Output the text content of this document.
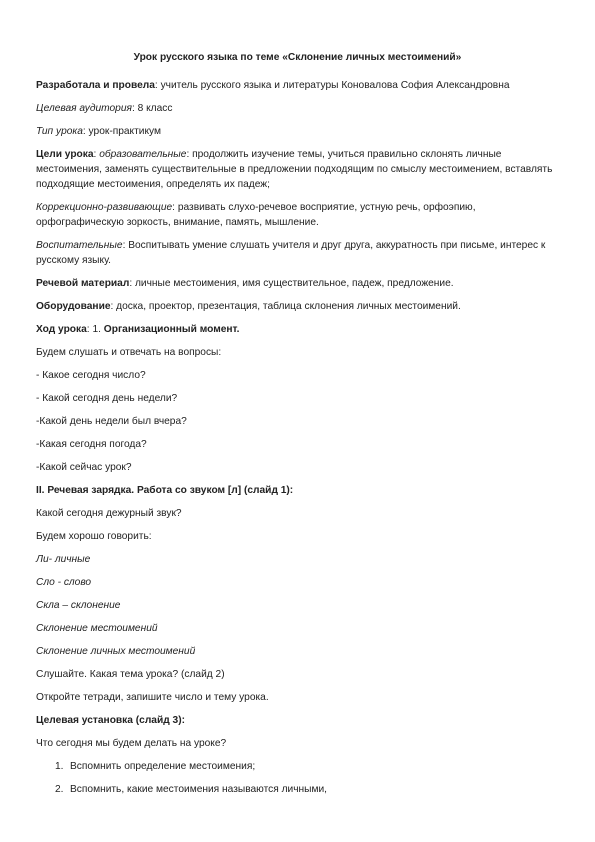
Урок русского языка по теме «Склонение личных местоимений»

Разработала и провела: учитель русского языка и литературы Коновалова София Александровна

Целевая аудитория: 8 класс

Тип урока: урок-практикум

Цели урока: образовательные: продолжить изучение темы, учиться правильно склонять личные местоимения, заменять существительные в предложении подходящим по смыслу местоимением, вставлять подходящие местоимения, определять их падеж;

Коррекционно-развивающие: развивать слухо-речевое восприятие, устную речь, орфоэпию, орфографическую зоркость, внимание, память, мышление.

Воспитательные: Воспитывать умение слушать учителя и друг друга, аккуратность при письме, интерес к русскому языку.

Речевой материал: личные местоимения, имя существительное, падеж, предложение.

Оборудование: доска, проектор, презентация, таблица склонения личных местоимений.

Ход урока: 1. Организационный момент.

Будем слушать и отвечать на вопросы:

- Какое сегодня число?

- Какой сегодня день недели?

-Какой день недели был вчера?

-Какая сегодня погода?

-Какой сейчас урок?

II. Речевая зарядка. Работа со звуком [л] (слайд 1):

Какой сегодня дежурный звук?

Будем хорошо говорить:

Ли- личные

Сло - слово

Скла – склонение

Склонение местоимений

Склонение личных местоимений

Слушайте. Какая тема урока? (слайд 2)

Откройте тетради, запишите число и тему урока.

Целевая установка (слайд 3):

Что сегодня мы будем делать на уроке?

1. Вспомнить определение местоимения;
2. Вспомнить, какие местоимения называются личными,
